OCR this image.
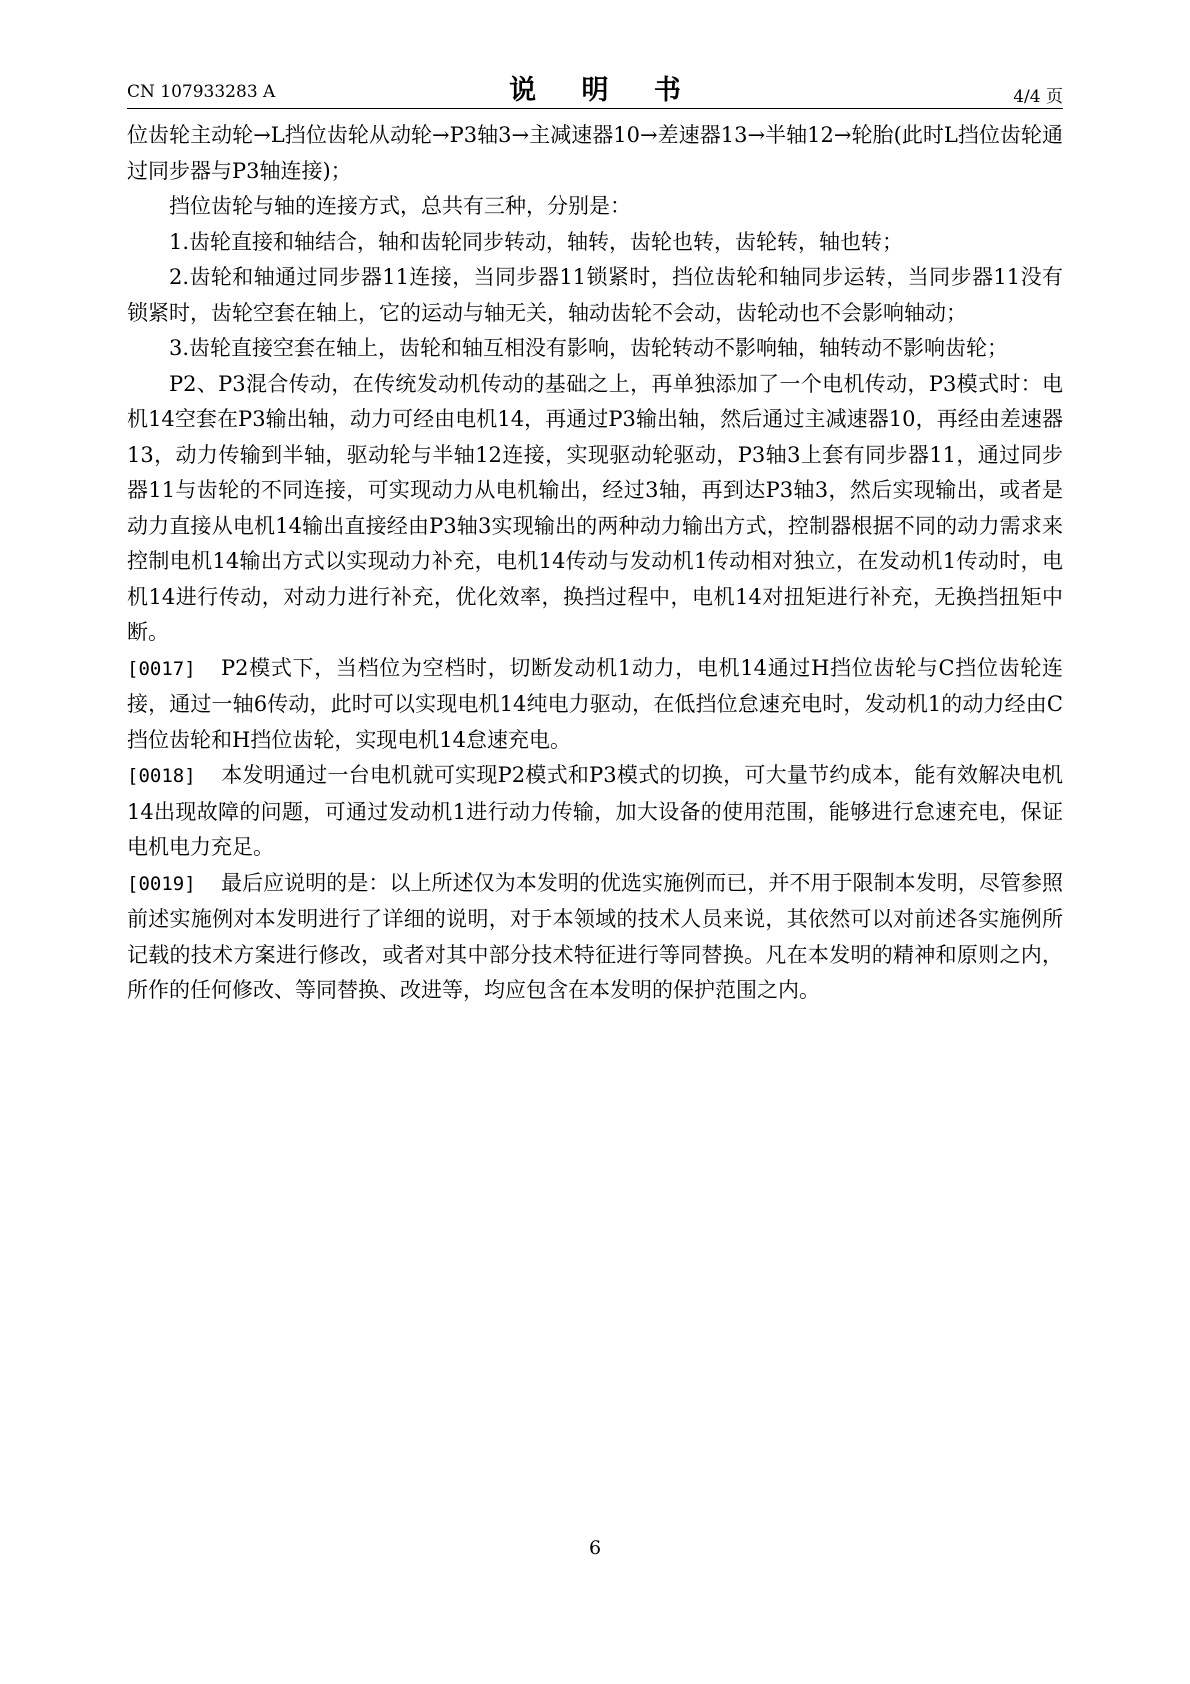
CN 107933283 A	说 明 书	4/4 页

位齿轮主动轮→L挡位齿轮从动轮→P3轴3→主减速器10→差速器13→半轴12→轮胎(此时L挡位齿轮通过同步器与P3轴连接)；

挡位齿轮与轴的连接方式，总共有三种，分别是：

1.齿轮直接和轴结合，轴和齿轮同步转动，轴转，齿轮也转，齿轮转，轴也转；

2.齿轮和轴通过同步器11连接，当同步器11锁紧时，挡位齿轮和轴同步运转，当同步器11没有锁紧时，齿轮空套在轴上，它的运动与轴无关，轴动齿轮不会动，齿轮动也不会影响轴动；

3.齿轮直接空套在轴上，齿轮和轴互相没有影响，齿轮转动不影响轴，轴转动不影响齿轮；

P2、P3混合传动，在传统发动机传动的基础之上，再单独添加了一个电机传动，P3模式时：电机14空套在P3输出轴，动力可经由电机14，再通过P3输出轴，然后通过主减速器10，再经由差速器13，动力传输到半轴，驱动轮与半轴12连接，实现驱动轮驱动，P3轴3上套有同步器11，通过同步器11与齿轮的不同连接，可实现动力从电机输出，经过3轴，再到达P3轴3，然后实现输出，或者是动力直接从电机14输出直接经由P3轴3实现输出的两种动力输出方式，控制器根据不同的动力需求来控制电机14输出方式以实现动力补充，电机14传动与发动机1传动相对独立，在发动机1传动时，电机14进行传动，对动力进行补充，优化效率，换挡过程中，电机14对扭矩进行补充，无换挡扭矩中断。

[0017] P2模式下，当档位为空档时，切断发动机1动力，电机14通过H挡位齿轮与C挡位齿轮连接，通过一轴6传动，此时可以实现电机14纯电力驱动，在低挡位怠速充电时，发动机1的动力经由C挡位齿轮和H挡位齿轮，实现电机14怠速充电。

[0018] 本发明通过一台电机就可实现P2模式和P3模式的切换，可大量节约成本，能有效解决电机14出现故障的问题，可通过发动机1进行动力传输，加大设备的使用范围，能够进行怠速充电，保证电机电力充足。

[0019] 最后应说明的是：以上所述仅为本发明的优选实施例而已，并不用于限制本发明，尽管参照前述实施例对本发明进行了详细的说明，对于本领域的技术人员来说，其依然可以对前述各实施例所记载的技术方案进行修改，或者对其中部分技术特征进行等同替换。凡在本发明的精神和原则之内，所作的任何修改、等同替换、改进等，均应包含在本发明的保护范围之内。

6
